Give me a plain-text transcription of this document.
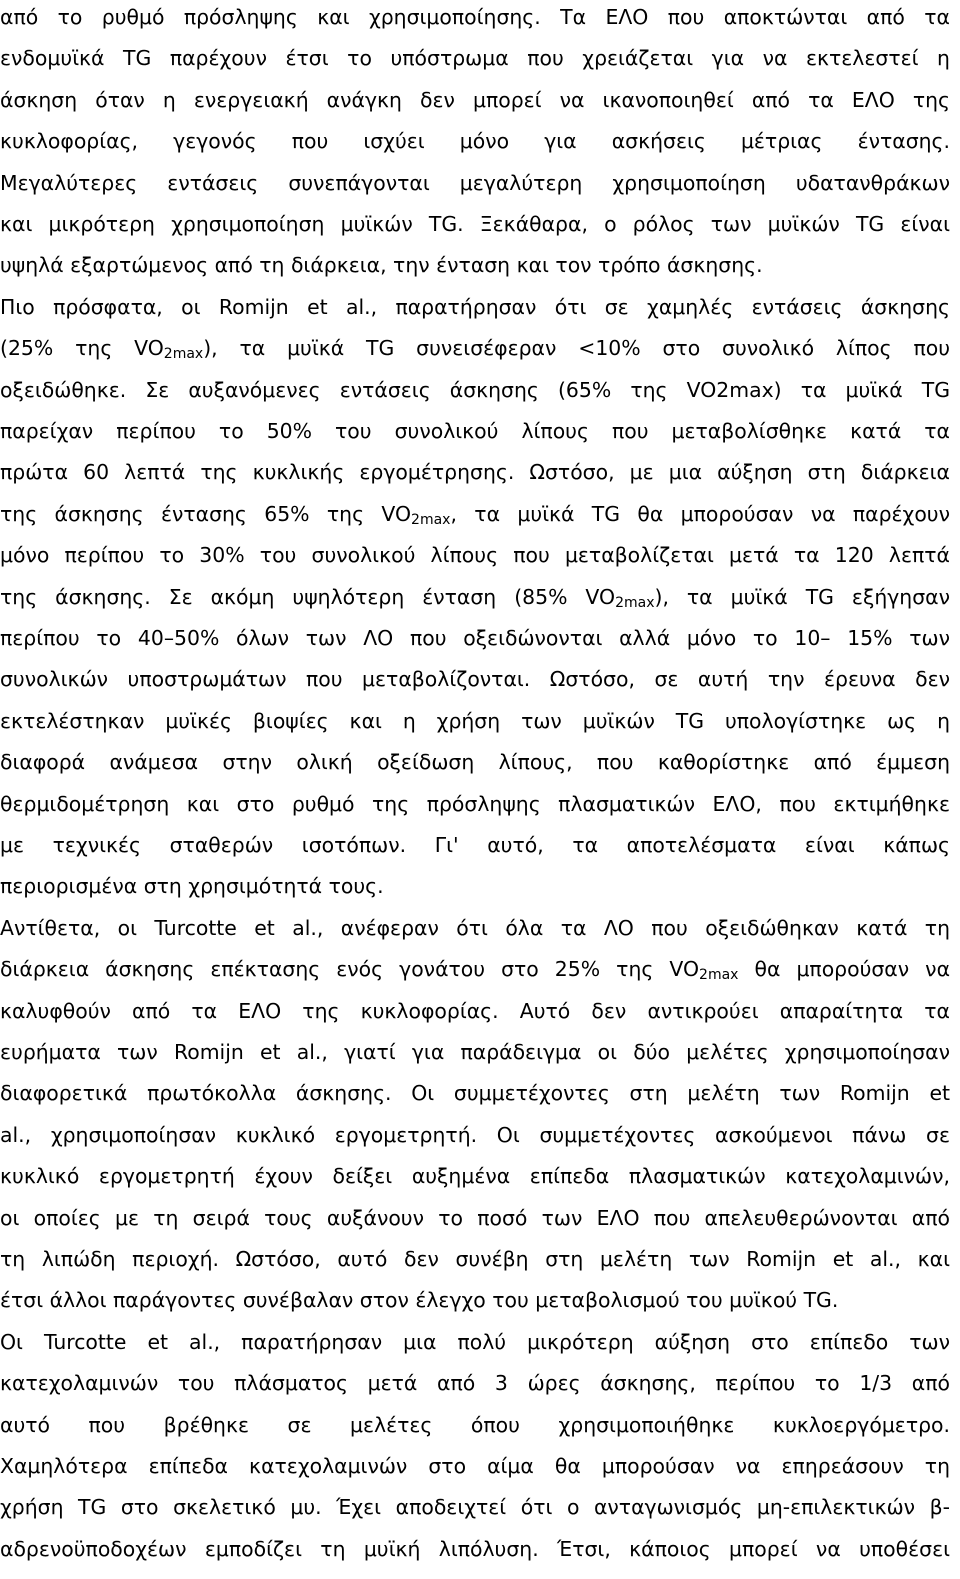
από το ρυθμό πρόσληψης και χρησιμοποίησης. Τα ΕΛΟ που αποκτώνται από τα
ενδομυϊκά TG παρέχουν έτσι το υπόστρωμα που χρειάζεται για να εκτελεστεί η
άσκηση όταν η ενεργειακή ανάγκη δεν μπορεί να ικανοποιηθεί από τα ΕΛΟ της
κυκλοφορίας, γεγονός που ισχύει μόνο για ασκήσεις μέτριας έντασης.
Μεγαλύτερες εντάσεις συνεπάγονται μεγαλύτερη χρησιμοποίηση υδατανθράκων
και μικρότερη χρησιμοποίηση μυϊκών TG. Ξεκάθαρα, ο ρόλος των μυϊκών TG είναι
υψηλά εξαρτώμενος από τη διάρκεια, την ένταση και τον τρόπο άσκησης.
Πιο πρόσφατα, οι Romijn et al., παρατήρησαν ότι σε χαμηλές εντάσεις άσκησης
(25% της $VO_{2max}$), τα μυϊκά TG συνεισέφεραν <10% στο συνολικό λίπος που
οξειδώθηκε. Σε αυξανόμενες εντάσεις άσκησης (65% της VO2max) τα μυϊκά TG
παρείχαν περίπου το 50% του συνολικού λίπους που μεταβολίσθηκε κατά τα
πρώτα 60 λεπτά της κυκλικής εργομέτρησης. Ωστόσο, με μια αύξηση στη διάρκεια
της άσκησης έντασης 65% της $VO_{2max}$, τα μυϊκά TG θα μπορούσαν να παρέχουν
μόνο περίπου το 30% του συνολικού λίπους που μεταβολίζεται μετά τα 120 λεπτά
της άσκησης. Σε ακόμη υψηλότερη ένταση (85% $VO_{2max}$), τα μυϊκά TG εξήγησαν
περίπου το 40–50% όλων των ΛΟ που οξειδώνονται αλλά μόνο το 10– 15% των
συνολικών υποστρωμάτων που μεταβολίζονται. Ωστόσο, σε αυτή την έρευνα δεν
εκτελέστηκαν μυϊκές βιοψίες και η χρήση των μυϊκών TG υπολογίστηκε ως η
διαφορά ανάμεσα στην ολική οξείδωση λίπους, που καθορίστηκε από έμμεση
θερμιδομέτρηση και στο ρυθμό της πρόσληψης πλασματικών ΕΛΟ, που εκτιμήθηκε
με τεχνικές σταθερών ισοτόπων. Γι' αυτό, τα αποτελέσματα είναι κάπως
περιορισμένα στη χρησιμότητά τους.
Αντίθετα, οι Turcotte et al., ανέφεραν ότι όλα τα ΛΟ που οξειδώθηκαν κατά τη
διάρκεια άσκησης επέκτασης ενός γονάτου στο 25% της $VO_{2max}$ θα μπορούσαν να
καλυφθούν από τα ΕΛΟ της κυκλοφορίας. Αυτό δεν αντικρούει απαραίτητα τα
ευρήματα των Romijn et al., γιατί για παράδειγμα οι δύο μελέτες χρησιμοποίησαν
διαφορετικά πρωτόκολλα άσκησης. Οι συμμετέχοντες στη μελέτη των Romijn et
al., χρησιμοποίησαν κυκλικό εργομετρητή. Οι συμμετέχοντες ασκούμενοι πάνω σε
κυκλικό εργομετρητή έχουν δείξει αυξημένα επίπεδα πλασματικών κατεχολαμινών,
οι οποίες με τη σειρά τους αυξάνουν το ποσό των ΕΛΟ που απελευθερώνονται από
τη λιπώδη περιοχή. Ωστόσο, αυτό δεν συνέβη στη μελέτη των Romijn et al., και
έτσι άλλοι παράγοντες συνέβαλαν στον έλεγχο του μεταβολισμού του μυϊκού TG.
Οι Turcotte et al., παρατήρησαν μια πολύ μικρότερη αύξηση στο επίπεδο των
κατεχολαμινών του πλάσματος μετά από 3 ώρες άσκησης, περίπου το 1/3 από
αυτό που βρέθηκε σε μελέτες όπου χρησιμοποιήθηκε κυκλοεργόμετρο.
Χαμηλότερα επίπεδα κατεχολαμινών στο αίμα θα μπορούσαν να επηρεάσουν τη
χρήση TG στο σκελετικό μυ. Έχει αποδειχτεί ότι ο ανταγωνισμός μη-επιλεκτικών β-
αδρενοϋποδοχέων εμποδίζει τη μυϊκή λιπόλυση. Έτσι, κάποιος μπορεί να υποθέσει
